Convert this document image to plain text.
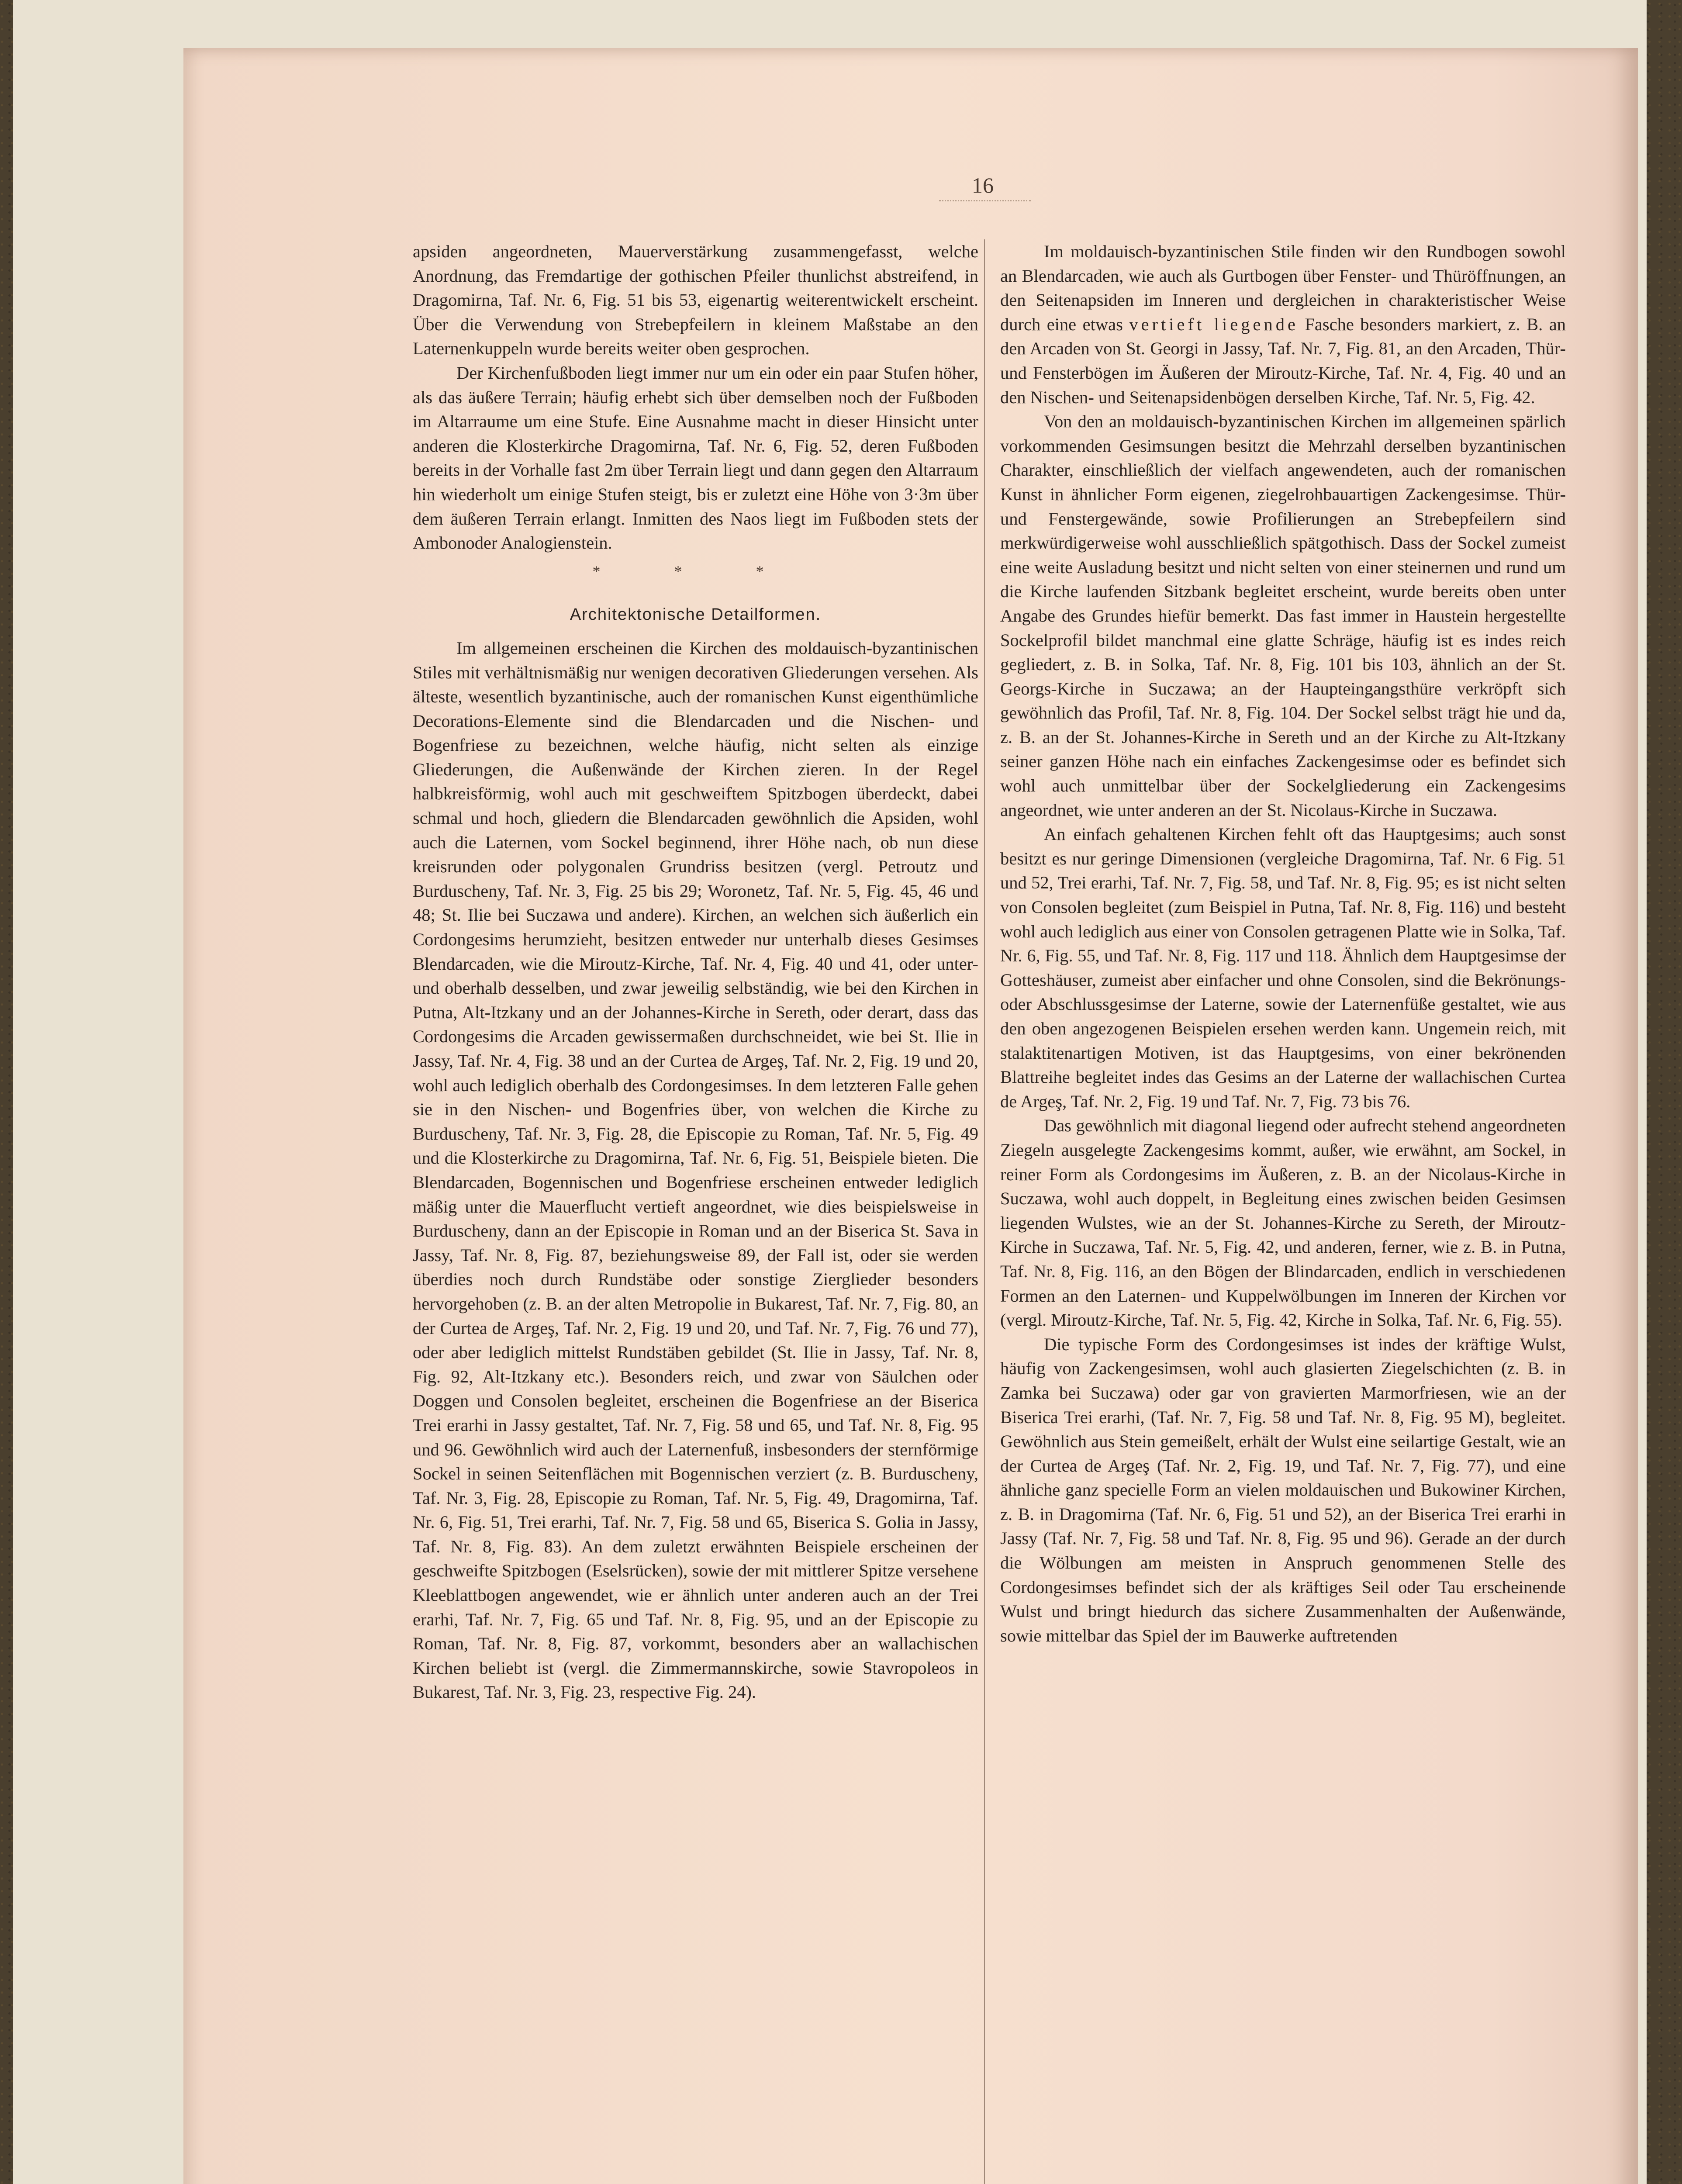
16

apsiden angeordneten, Mauerverstärkung zusammengefasst, welche Anordnung, das Fremdartige der gothischen Pfeiler thunlichst abstreifend, in Dragomirna, Taf. Nr. 6, Fig. 51 bis 53, eigenartig weiterentwickelt erscheint. Über die Verwendung von Strebepfeilern in kleinem Maßstabe an den Laternenkuppeln wurde bereits weiter oben gesprochen.

Der Kirchenfußboden liegt immer nur um ein oder ein paar Stufen höher, als das äußere Terrain; häufig erhebt sich über demselben noch der Fußboden im Altarraume um eine Stufe. Eine Ausnahme macht in dieser Hinsicht unter anderen die Klosterkirche Dragomirna, Taf. Nr. 6, Fig. 52, deren Fußboden bereits in der Vorhalle fast 2m über Terrain liegt und dann gegen den Altarraum hin wiederholt um einige Stufen steigt, bis er zuletzt eine Höhe von 3·3m über dem äußeren Terrain erlangt. Inmitten des Naos liegt im Fußboden stets der Ambonoder Analogienstein.

* * *
Architektonische Detailformen.

Im allgemeinen erscheinen die Kirchen des moldauisch-byzantinischen Stiles mit verhältnismäßig nur wenigen decorativen Gliederungen versehen. Als älteste, wesentlich byzantinische, auch der romanischen Kunst eigenthümliche Decorations-Elemente sind die Blendarcaden und die Nischen- und Bogenfriese zu bezeichnen, welche häufig, nicht selten als einzige Gliederungen, die Außenwände der Kirchen zieren. In der Regel halbkreisförmig, wohl auch mit geschweiftem Spitzbogen überdeckt, dabei schmal und hoch, gliedern die Blendarcaden gewöhnlich die Apsiden, wohl auch die Laternen, vom Sockel beginnend, ihrer Höhe nach, ob nun diese kreisrunden oder polygonalen Grundriss besitzen (vergl. Petroutz und Burduscheny, Taf. Nr. 3, Fig. 25 bis 29; Woronetz, Taf. Nr. 5, Fig. 45, 46 und 48; St. Ilie bei Suczawa und andere). Kirchen, an welchen sich äußerlich ein Cordongesims herumzieht, besitzen entweder nur unterhalb dieses Gesimses Blendarcaden, wie die Miroutz-Kirche, Taf. Nr. 4, Fig. 40 und 41, oder unter- und oberhalb desselben, und zwar jeweilig selbständig, wie bei den Kirchen in Putna, Alt-Itzkany und an der Johannes-Kirche in Sereth, oder derart, dass das Cordongesims die Arcaden gewissermaßen durchschneidet, wie bei St. Ilie in Jassy, Taf. Nr. 4, Fig. 38 und an der Curtea de Argeş, Taf. Nr. 2, Fig. 19 und 20, wohl auch lediglich oberhalb des Cordongesimses. In dem letzteren Falle gehen sie in den Nischen- und Bogenfries über, von welchen die Kirche zu Burduscheny, Taf. Nr. 3, Fig. 28, die Episcopie zu Roman, Taf. Nr. 5, Fig. 49 und die Klosterkirche zu Dragomirna, Taf. Nr. 6, Fig. 51, Beispiele bieten. Die Blendarcaden, Bogennischen und Bogenfriese erscheinen entweder lediglich mäßig unter die Mauerflucht vertieft angeordnet, wie dies beispielsweise in Burduscheny, dann an der Episcopie in Roman und an der Biserica St. Sava in Jassy, Taf. Nr. 8, Fig. 87, beziehungsweise 89, der Fall ist, oder sie werden überdies noch durch Rundstäbe oder sonstige Zierglieder besonders hervorgehoben (z. B. an der alten Metropolie in Bukarest, Taf. Nr. 7, Fig. 80, an der Curtea de Argeş, Taf. Nr. 2, Fig. 19 und 20, und Taf. Nr. 7, Fig. 76 und 77), oder aber lediglich mittelst Rundstäben gebildet (St. Ilie in Jassy, Taf. Nr. 8, Fig. 92, Alt-Itzkany etc.). Besonders reich, und zwar von Säulchen oder Doggen und Consolen begleitet, erscheinen die Bogenfriese an der Biserica Trei erarhi in Jassy gestaltet, Taf. Nr. 7, Fig. 58 und 65, und Taf. Nr. 8, Fig. 95 und 96. Gewöhnlich wird auch der Laternenfuß, insbesonders der sternförmige Sockel in seinen Seitenflächen mit Bogennischen verziert (z. B. Burduscheny, Taf. Nr. 3, Fig. 28, Episcopie zu Roman, Taf. Nr. 5, Fig. 49, Dragomirna, Taf. Nr. 6, Fig. 51, Trei erarhi, Taf. Nr. 7, Fig. 58 und 65, Biserica S. Golia in Jassy, Taf. Nr. 8, Fig. 83). An dem zuletzt erwähnten Beispiele erscheinen der geschweifte Spitzbogen (Eselsrücken), sowie der mit mittlerer Spitze versehene Kleeblattbogen angewendet, wie er ähnlich unter anderen auch an der Trei erarhi, Taf. Nr. 7, Fig. 65 und Taf. Nr. 8, Fig. 95, und an der Episcopie zu Roman, Taf. Nr. 8, Fig. 87, vorkommt, besonders aber an wallachischen Kirchen beliebt ist (vergl. die Zimmermannskirche, sowie Stavropoleos in Bukarest, Taf. Nr. 3, Fig. 23, respective Fig. 24).

Im moldauisch-byzantinischen Stile finden wir den Rundbogen sowohl an Blendarcaden, wie auch als Gurtbogen über Fenster- und Thüröffnungen, an den Seitenapsiden im Inneren und dergleichen in charakteristischer Weise durch eine etwas vertieft liegende Fasche besonders markiert, z. B. an den Arcaden von St. Georgi in Jassy, Taf. Nr. 7, Fig. 81, an den Arcaden, Thür- und Fensterbögen im Äußeren der Miroutz-Kirche, Taf. Nr. 4, Fig. 40 und an den Nischen- und Seitenapsidenbögen derselben Kirche, Taf. Nr. 5, Fig. 42.

Von den an moldauisch-byzantinischen Kirchen im allgemeinen spärlich vorkommenden Gesimsungen besitzt die Mehrzahl derselben byzantinischen Charakter, einschließlich der vielfach angewendeten, auch der romanischen Kunst in ähnlicher Form eigenen, ziegelrohbauartigen Zackengesimse. Thür- und Fenstergewände, sowie Profilierungen an Strebepfeilern sind merkwürdigerweise wohl ausschließlich spätgothisch. Dass der Sockel zumeist eine weite Ausladung besitzt und nicht selten von einer steinernen und rund um die Kirche laufenden Sitzbank begleitet erscheint, wurde bereits oben unter Angabe des Grundes hiefür bemerkt. Das fast immer in Haustein hergestellte Sockelprofil bildet manchmal eine glatte Schräge, häufig ist es indes reich gegliedert, z. B. in Solka, Taf. Nr. 8, Fig. 101 bis 103, ähnlich an der St. Georgs-Kirche in Suczawa; an der Haupteingangsthüre verkröpft sich gewöhnlich das Profil, Taf. Nr. 8, Fig. 104. Der Sockel selbst trägt hie und da, z. B. an der St. Johannes-Kirche in Sereth und an der Kirche zu Alt-Itzkany seiner ganzen Höhe nach ein einfaches Zackengesimse oder es befindet sich wohl auch unmittelbar über der Sockelgliederung ein Zackengesims angeordnet, wie unter anderen an der St. Nicolaus-Kirche in Suczawa.

An einfach gehaltenen Kirchen fehlt oft das Hauptgesims; auch sonst besitzt es nur geringe Dimensionen (vergleiche Dragomirna, Taf. Nr. 6 Fig. 51 und 52, Trei erarhi, Taf. Nr. 7, Fig. 58, und Taf. Nr. 8, Fig. 95; es ist nicht selten von Consolen begleitet (zum Beispiel in Putna, Taf. Nr. 8, Fig. 116) und besteht wohl auch lediglich aus einer von Consolen getragenen Platte wie in Solka, Taf. Nr. 6, Fig. 55, und Taf. Nr. 8, Fig. 117 und 118. Ähnlich dem Hauptgesimse der Gotteshäuser, zumeist aber einfacher und ohne Consolen, sind die Bekrönungs- oder Abschlussgesimse der Laterne, sowie der Laternenfüße gestaltet, wie aus den oben angezogenen Beispielen ersehen werden kann. Ungemein reich, mit stalaktitenartigen Motiven, ist das Hauptgesims, von einer bekrönenden Blattreihe begleitet indes das Gesims an der Laterne der wallachischen Curtea de Argeş, Taf. Nr. 2, Fig. 19 und Taf. Nr. 7, Fig. 73 bis 76.

Das gewöhnlich mit diagonal liegend oder aufrecht stehend angeordneten Ziegeln ausgelegte Zackengesims kommt, außer, wie erwähnt, am Sockel, in reiner Form als Cordongesims im Äußeren, z. B. an der Nicolaus-Kirche in Suczawa, wohl auch doppelt, in Begleitung eines zwischen beiden Gesimsen liegenden Wulstes, wie an der St. Johannes-Kirche zu Sereth, der Miroutz-Kirche in Suczawa, Taf. Nr. 5, Fig. 42, und anderen, ferner, wie z. B. in Putna, Taf. Nr. 8, Fig. 116, an den Bögen der Blindarcaden, endlich in verschiedenen Formen an den Laternen- und Kuppelwölbungen im Inneren der Kirchen vor (vergl. Miroutz-Kirche, Taf. Nr. 5, Fig. 42, Kirche in Solka, Taf. Nr. 6, Fig. 55).

Die typische Form des Cordongesimses ist indes der kräftige Wulst, häufig von Zackengesimsen, wohl auch glasierten Ziegelschichten (z. B. in Zamka bei Suczawa) oder gar von gravierten Marmorfriesen, wie an der Biserica Trei erarhi, (Taf. Nr. 7, Fig. 58 und Taf. Nr. 8, Fig. 95 M), begleitet. Gewöhnlich aus Stein gemeißelt, erhält der Wulst eine seilartige Gestalt, wie an der Curtea de Argeş (Taf. Nr. 2, Fig. 19, und Taf. Nr. 7, Fig. 77), und eine ähnliche ganz specielle Form an vielen moldauischen und Bukowiner Kirchen, z. B. in Dragomirna (Taf. Nr. 6, Fig. 51 und 52), an der Biserica Trei erarhi in Jassy (Taf. Nr. 7, Fig. 58 und Taf. Nr. 8, Fig. 95 und 96). Gerade an der durch die Wölbungen am meisten in Anspruch genommenen Stelle des Cordongesimses befindet sich der als kräftiges Seil oder Tau erscheinende Wulst und bringt hiedurch das sichere Zusammenhalten der Außenwände, sowie mittelbar das Spiel der im Bauwerke auftretenden
